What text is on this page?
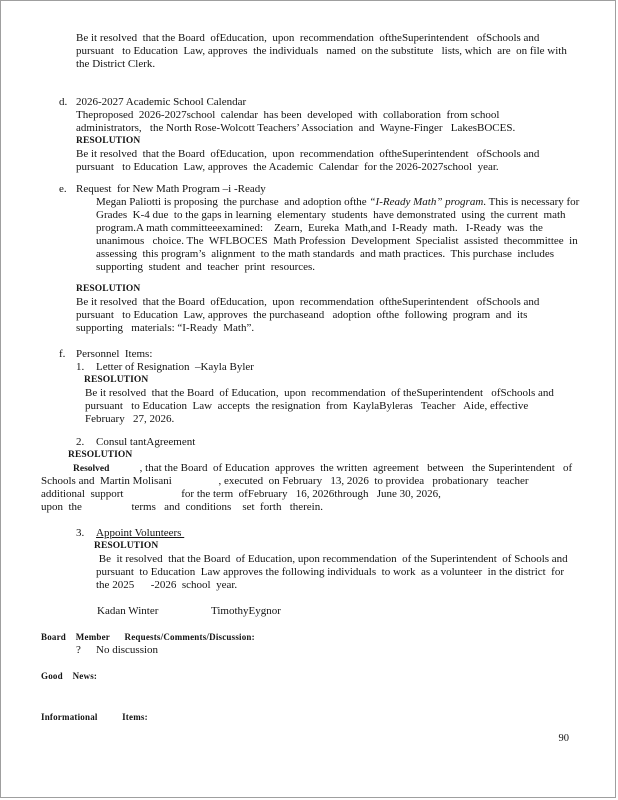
Be it resolved  that the Board  ofEducation,  upon  recommendation  oftheSuperintendent   ofSchools and
pursuant   to Education  Law, approves  the individuals   named  on the substitute   lists, which  are  on file with
the District Clerk.
d. 2026-2027 Academic School Calendar
Theproposed  2026-2027school  calendar  has been  developed  with  collaboration  from school
administrators,   the North Rose-Wolcott Teachers’ Association  and  Wayne-Finger   LakesBOCES.
RESOLUTION
Be it resolved  that the Board  ofEducation,  upon  recommendation  oftheSuperintendent   ofSchools and
pursuant   to Education  Law, approves  the Academic  Calendar  for the 2026-2027school  year.
e. Request  for New Math Program –i -Ready
Megan Paliotti is proposing  the purchase  and adoption ofthe “I-Ready Math” program. This is necessary for
Grades  K-4 due  to the gaps in learning  elementary  students  have demonstrated  using  the current  math
program.A math committeeexamined:    Zearn,  Eureka  Math,and  I-Ready  math.   I-Ready  was  the
unanimous   choice. The  WFLBOCES  Math Profession  Development  Specialist  assisted  thecommittee  in
assessing  this program’s  alignment  to the math standards  and math practices.  This purchase  includes
supporting  student  and  teacher  print  resources.
RESOLUTION
Be it resolved  that the Board  ofEducation,  upon  recommendation  oftheSuperintendent   ofSchools and
pursuant   to Education  Law, approves  the purchaseand   adoption  ofthe  following  program  and  its
supporting   materials: “I-Ready  Math”.
f. Personnel  Items:
1.	Letter of Resignation  –Kayla Byler
RESOLUTION
Be it resolved  that the Board  of Education,  upon  recommendation  of theSuperintendent   ofSchools and
pursuant   to Education  Law  accepts  the resignation  from  KaylaByleras   Teacher   Aide, effective
February   27, 2026.
2.	Consul tantAgreement
RESOLUTION
Resolved           , that the Board  of Education  approves  the written  agreement   between   the Superintendent   of
Schools and  Martin Molisani                 , executed  on February   13, 2026  to providea   probationary   teacher
additional  support                     for the term  ofFebruary   16, 2026through   June 30, 2026,
upon  the                  terms   and  conditions    set  forth   therein.
3.	Appoint Volunteers
RESOLUTION
Be  it resolved  that the Board  of Education, upon recommendation  of the Superintendent  of Schools and
pursuant  to Education  Law approves the following individuals  to work  as a volunteer  in the district  for
the 2025      -2026  school  year.
Kadan Winter	TimothyEygnor
Board    Member      Requests/Comments/Discussion:
?	No discussion
Good    News:
Informational          Items:
90
